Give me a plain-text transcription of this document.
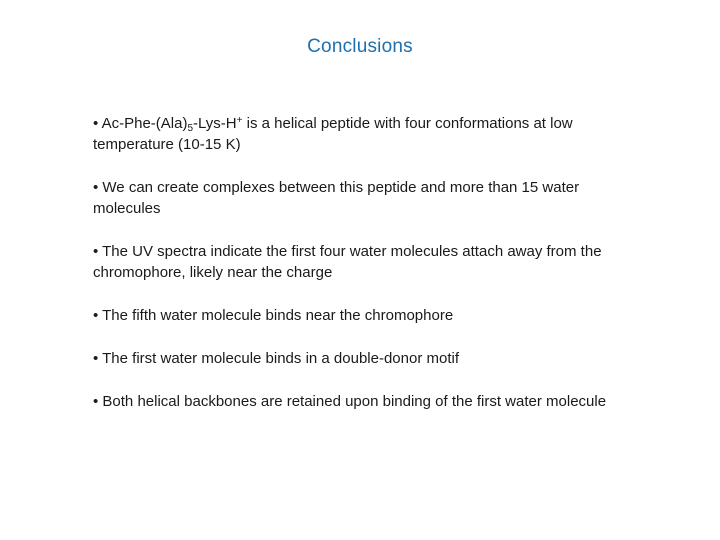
Conclusions
• $Ac-Phe-(Ala)_5-Lys-H^+$ is a helical peptide with four conformations at low temperature (10-15 K)
• We can create complexes between this peptide and more than 15 water molecules
• The UV spectra indicate the first four water molecules attach away from the chromophore, likely near the charge
• The fifth water molecule binds near the chromophore
• The first water molecule binds in a double-donor motif
• Both helical backbones are retained upon binding of the first water molecule
